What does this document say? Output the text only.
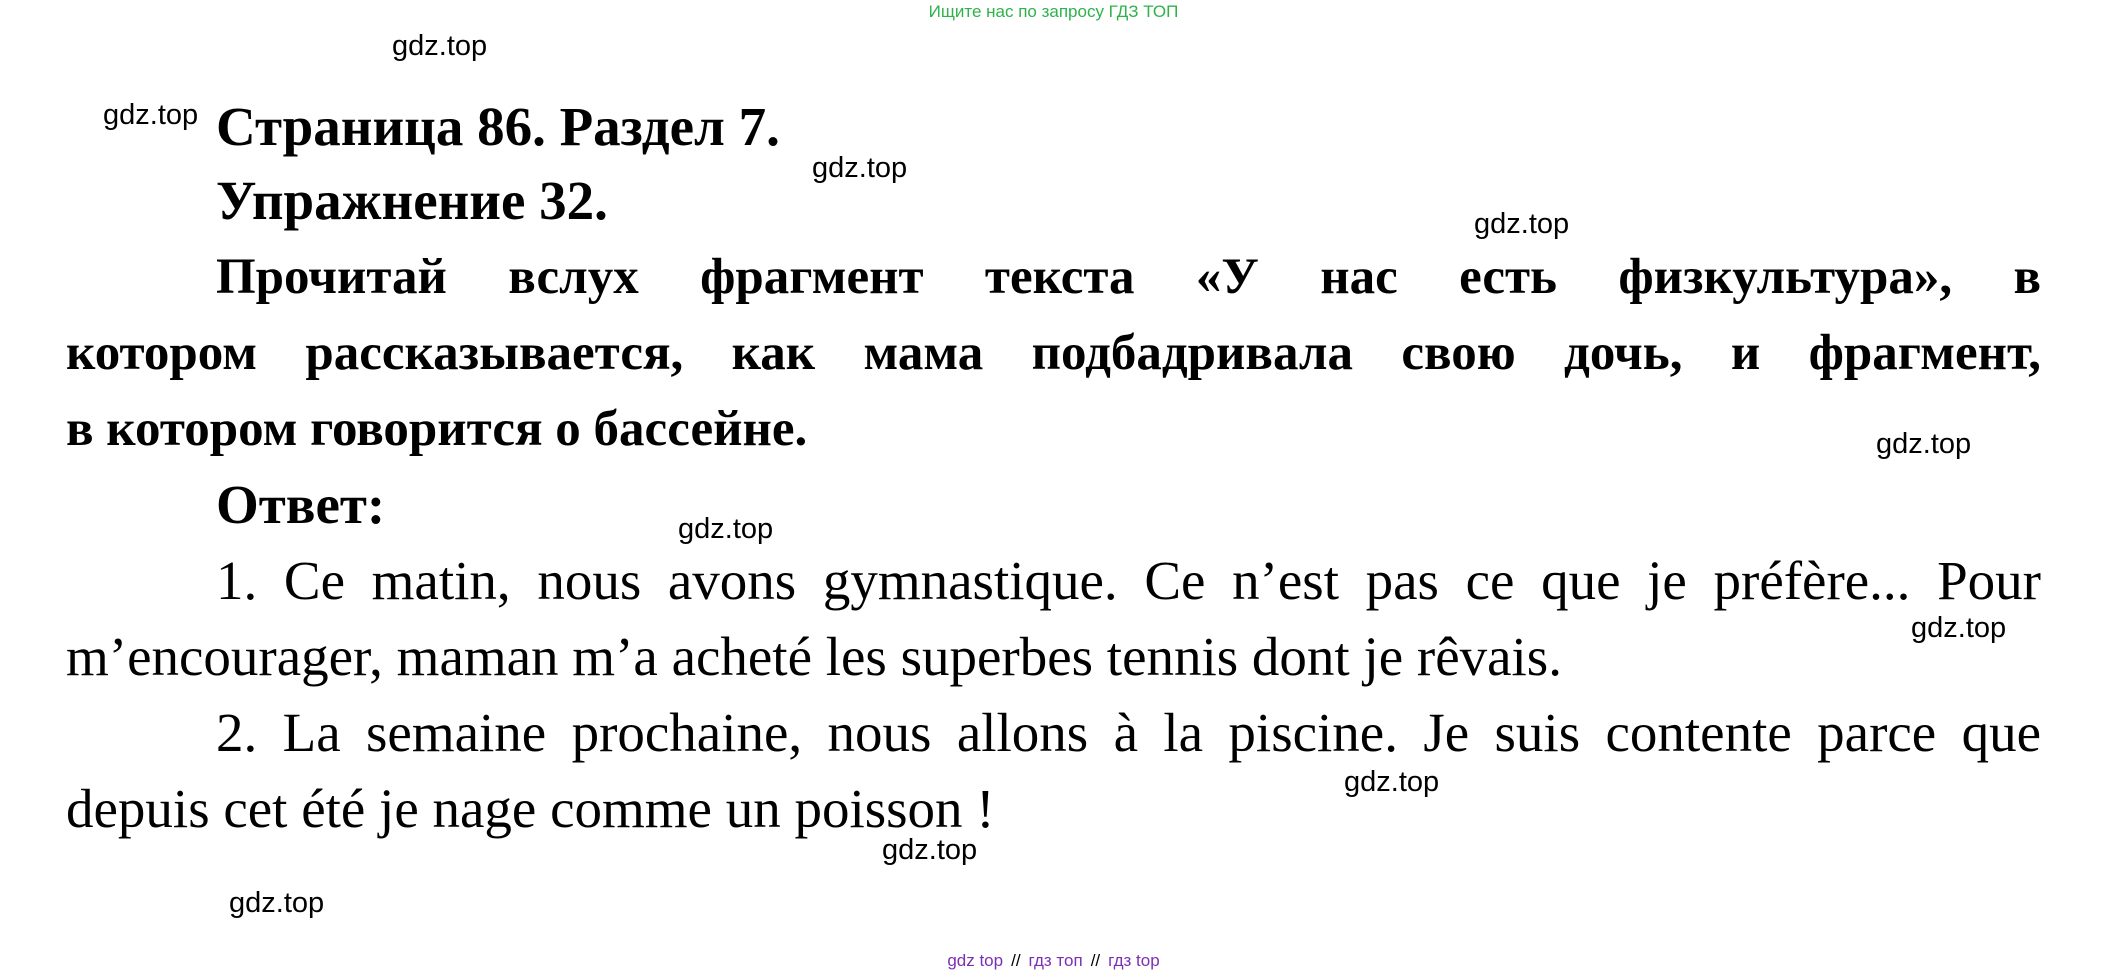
Ищите нас по запросу ГДЗ ТОП
gdz.top
gdz.top
gdz.top
gdz.top
gdz.top
gdz.top
gdz.top
gdz.top
gdz.top
gdz.top
Страница 86. Раздел 7.
Упражнение 32.
Прочитай вслух фрагмент текста «У нас есть физкультура», в
котором рассказывается, как мама подбадривала свою дочь, и фрагмент,
в котором говорится о бассейне.
Ответ:
1. Ce matin, nous avons gymnastique. Ce n’est pas ce que je préfère... Pour
m’encourager, maman m’a acheté les superbes tennis dont je rêvais.
2. La semaine prochaine, nous allons à la piscine. Je suis contente parce que
depuis cet été je nage comme un poisson !
gdz top // гдз топ // гдз top
